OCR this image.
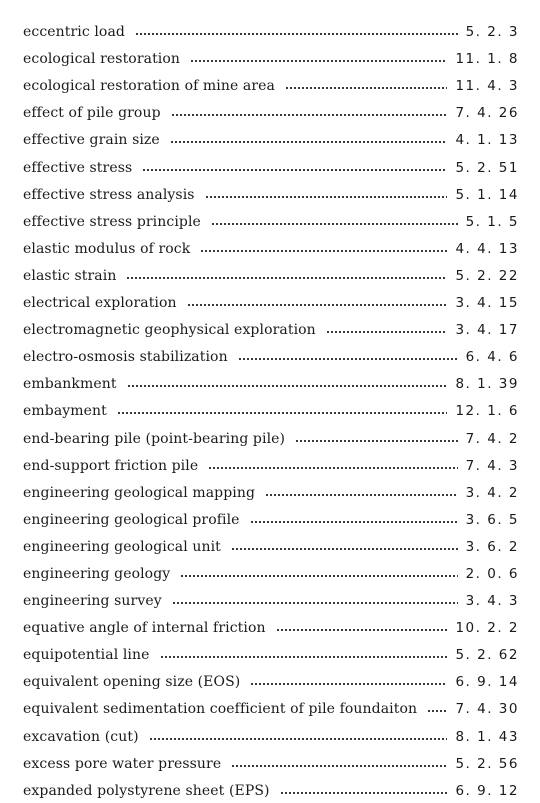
eccentric load	5. 2. 3
ecological restoration	11. 1. 8
ecological restoration of mine area	11. 4. 3
effect of pile group	7. 4. 26
effective grain size	4. 1. 13
effective stress	5. 2. 51
effective stress analysis	5. 1. 14
effective stress principle	5. 1. 5
elastic modulus of rock	4. 4. 13
elastic strain	5. 2. 22
electrical exploration	3. 4. 15
electromagnetic geophysical exploration	3. 4. 17
electro-osmosis stabilization	6. 4. 6
embankment	8. 1. 39
embayment	12. 1. 6
end-bearing pile (point-bearing pile)	7. 4. 2
end-support friction pile	7. 4. 3
engineering geological mapping	3. 4. 2
engineering geological profile	3. 6. 5
engineering geological unit	3. 6. 2
engineering geology	2. 0. 6
engineering survey	3. 4. 3
equative angle of internal friction	10. 2. 2
equipotential line	5. 2. 62
equivalent opening size (EOS)	6. 9. 14
equivalent sedimentation coefficient of pile foundaiton	7. 4. 30
excavation (cut)	8. 1. 43
excess pore water pressure	5. 2. 56
expanded polystyrene sheet (EPS)	6. 9. 12
